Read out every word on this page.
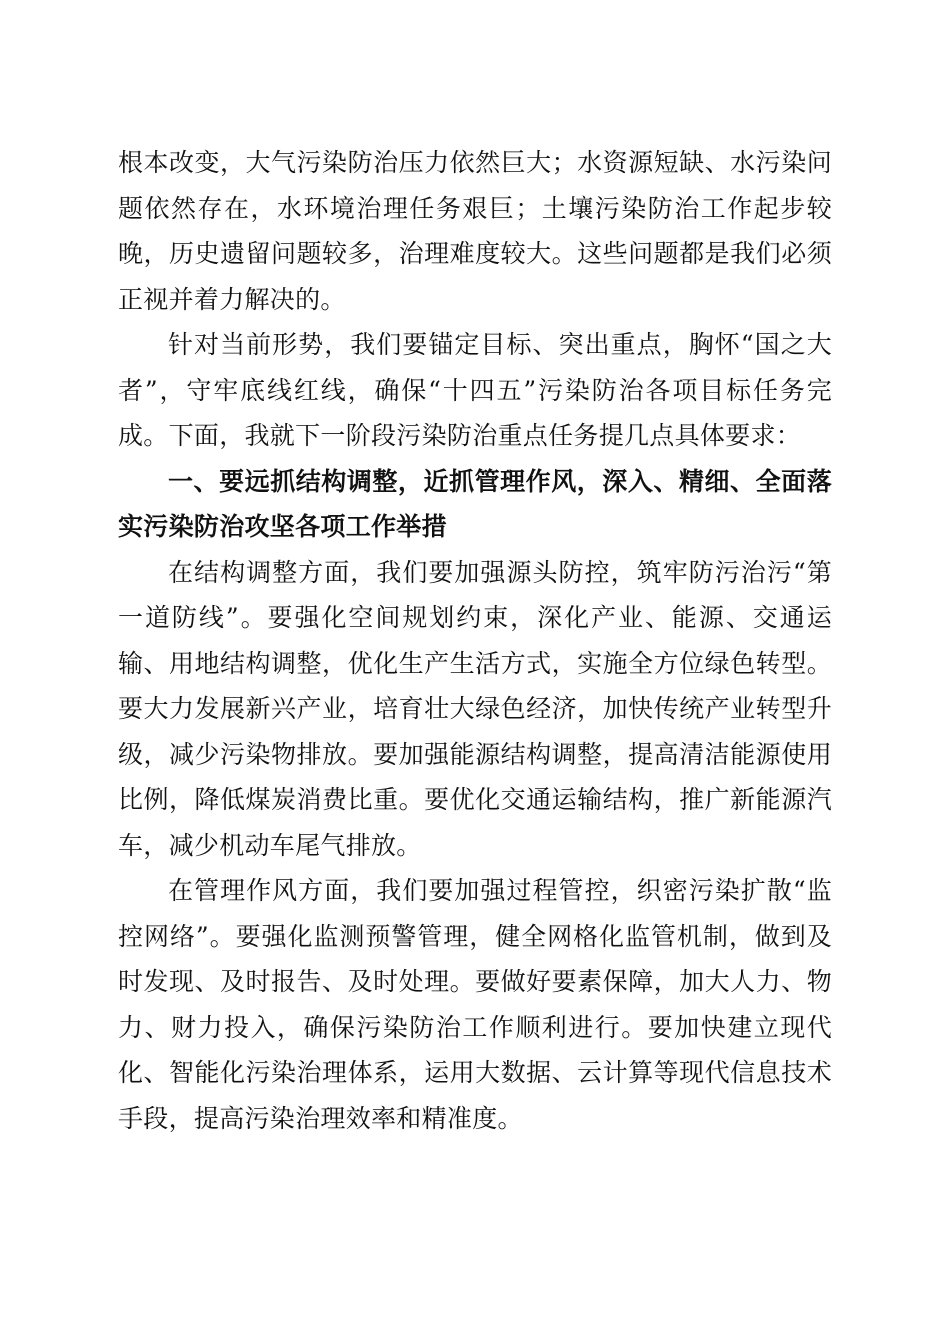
根本改变，大气污染防治压力依然巨大；水资源短缺、水污染问题依然存在，水环境治理任务艰巨；土壤污染防治工作起步较晚，历史遗留问题较多，治理难度较大。这些问题都是我们必须正视并着力解决的。

针对当前形势，我们要锚定目标、突出重点，胸怀“国之大者”，守牢底线红线，确保“十四五”污染防治各项目标任务完成。下面，我就下一阶段污染防治重点任务提几点具体要求：

一、要远抓结构调整，近抓管理作风，深入、精细、全面落实污染防治攻坚各项工作举措

在结构调整方面，我们要加强源头防控，筑牢防污治污“第一道防线”。要强化空间规划约束，深化产业、能源、交通运输、用地结构调整，优化生产生活方式，实施全方位绿色转型。要大力发展新兴产业，培育壮大绿色经济，加快传统产业转型升级，减少污染物排放。要加强能源结构调整，提高清洁能源使用比例，降低煤炭消费比重。要优化交通运输结构，推广新能源汽车，减少机动车尾气排放。

在管理作风方面，我们要加强过程管控，织密污染扩散“监控网络”。要强化监测预警管理，健全网格化监管机制，做到及时发现、及时报告、及时处理。要做好要素保障，加大人力、物力、财力投入，确保污染防治工作顺利进行。要加快建立现代化、智能化污染治理体系，运用大数据、云计算等现代信息技术手段，提高污染治理效率和精准度。
